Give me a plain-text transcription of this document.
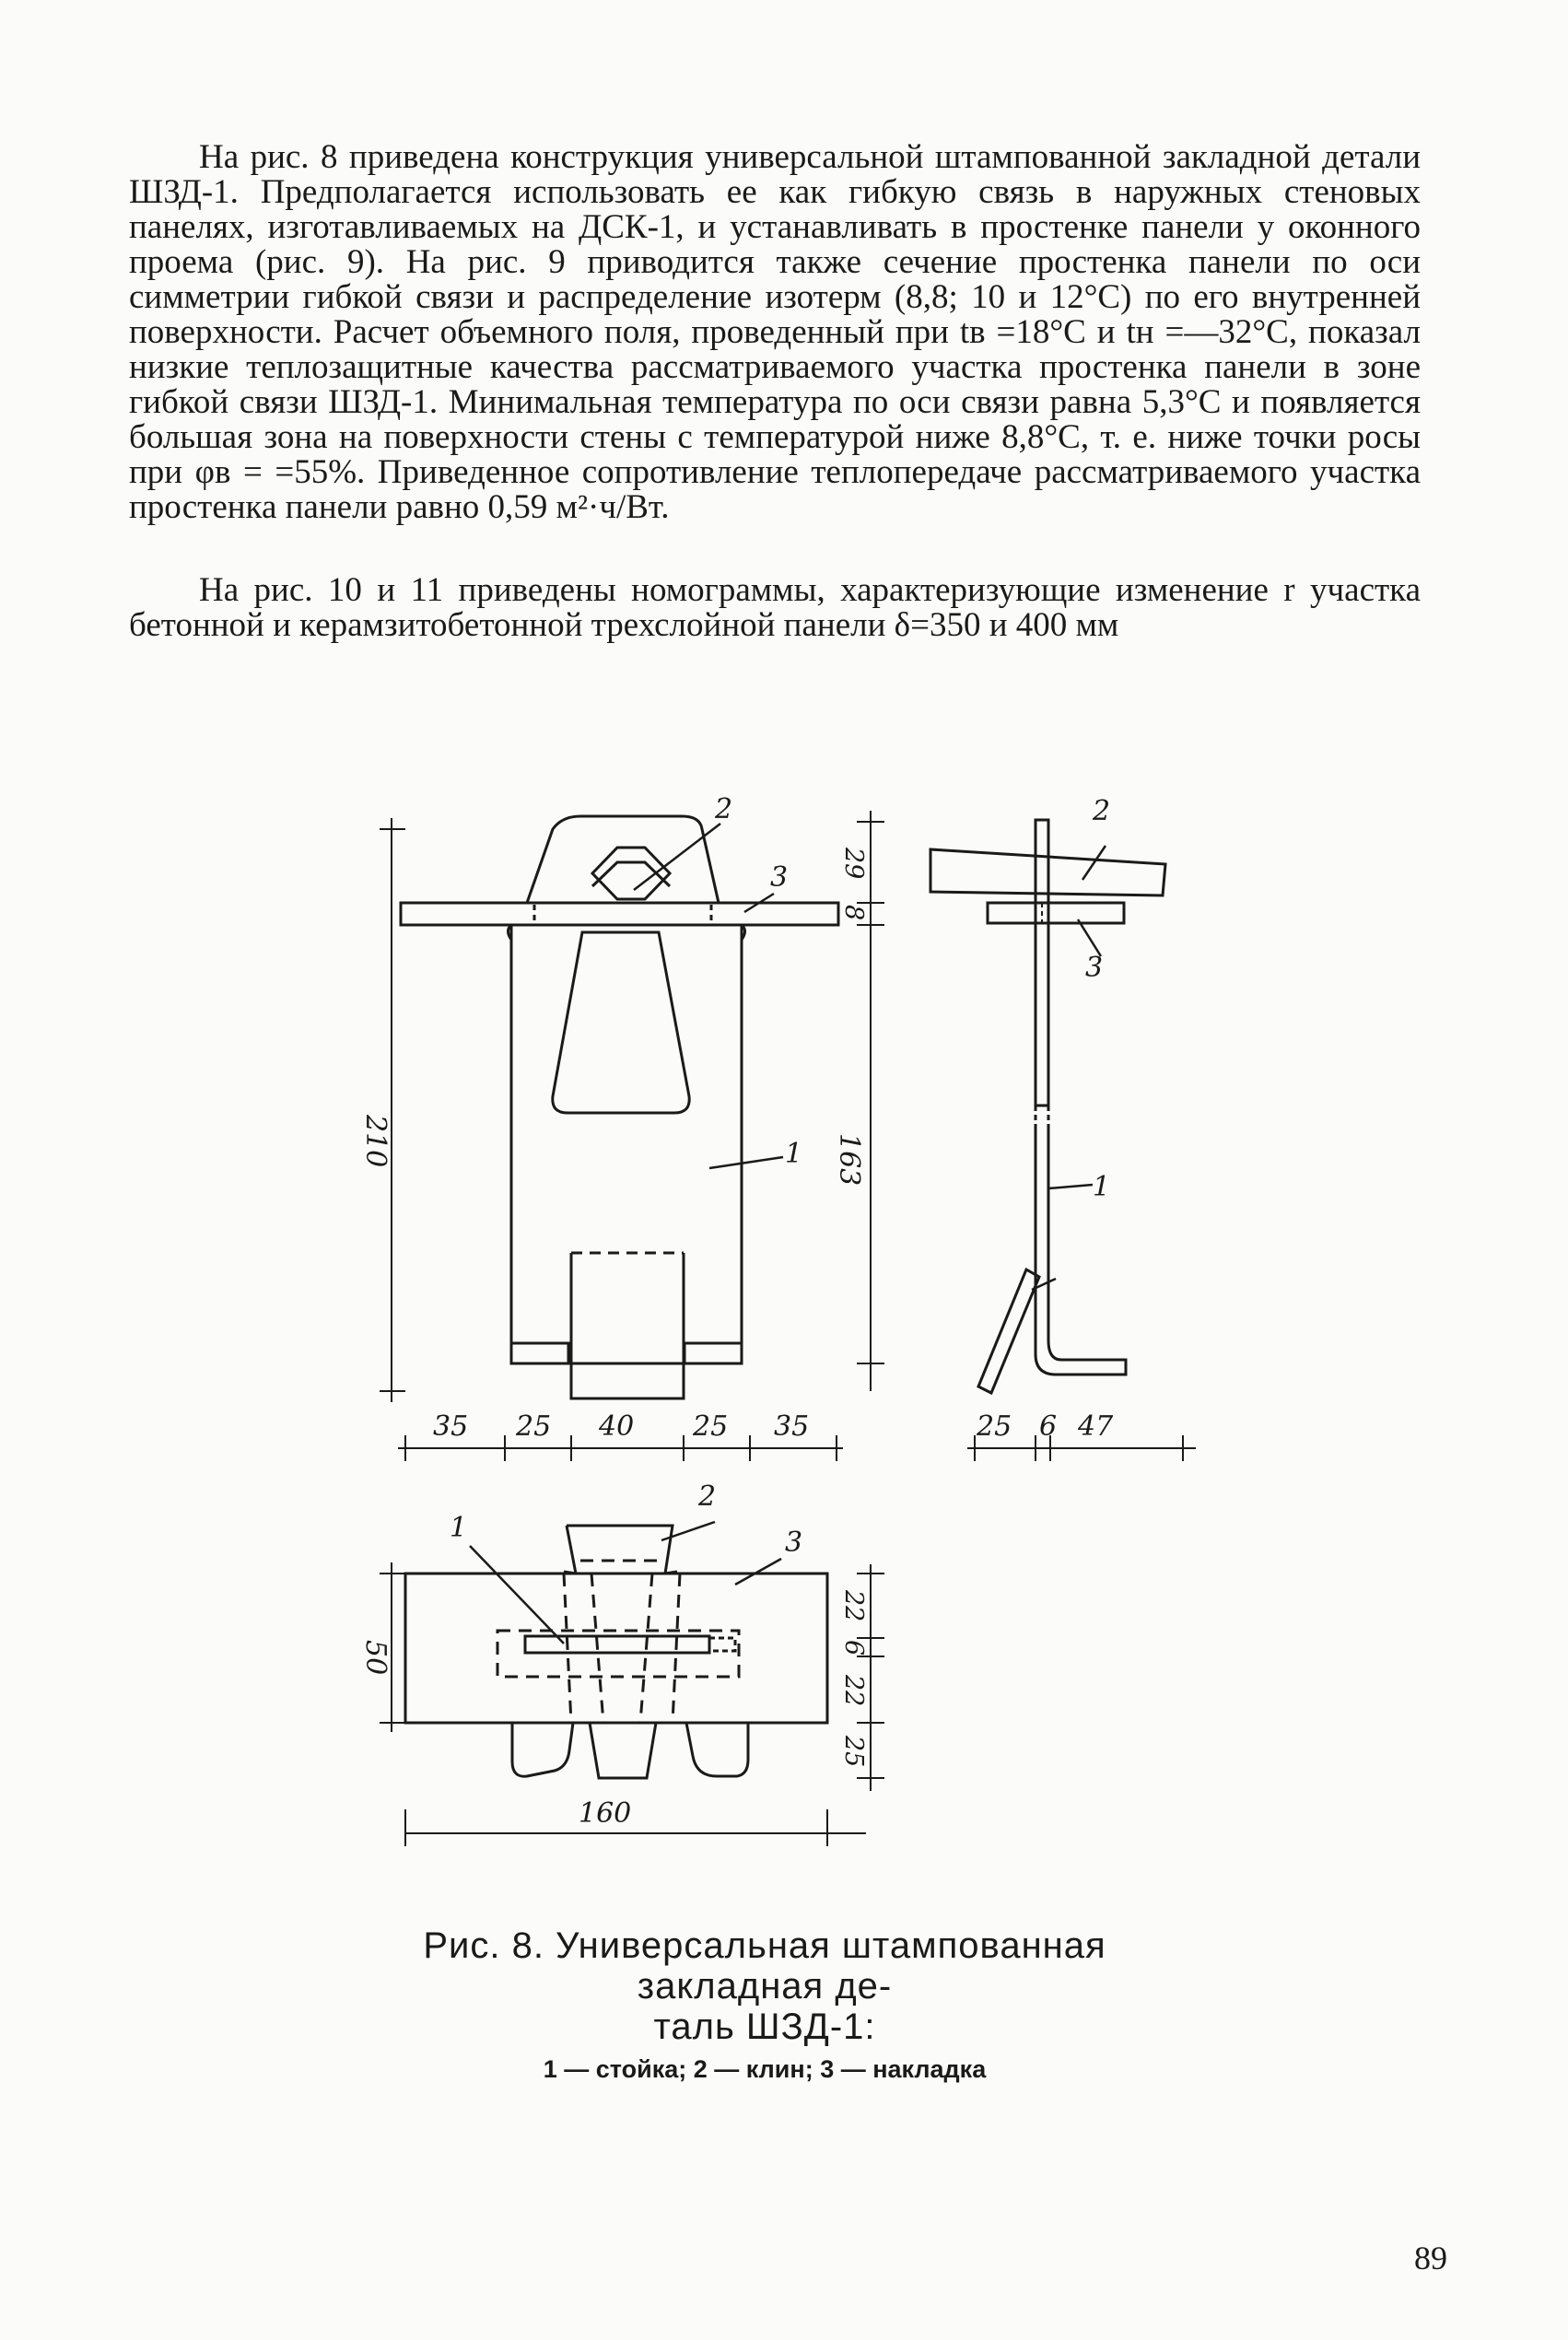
На рис. 8 приведена конструкция универсальной штампованной закладной детали ШЗД-1. Предполагается использовать ее как гибкую связь в наружных стеновых панелях, изготавливаемых на ДСК-1, и устанавливать в простенке панели у оконного проема (рис. 9). На рис. 9 приводится также сечение простенка панели по оси симметрии гибкой связи и распределение изотерм (8,8; 10 и 12°С) по его внутренней поверхности. Расчет объемного поля, проведенный при tв =18°С и tн =—32°С, показал низкие теплозащитные качества рассматриваемого участка простенка панели в зоне гибкой связи ШЗД-1. Минимальная температура по оси связи равна 5,3°С и появляется большая зона на поверхности стены с температурой ниже 8,8°С, т. е. ниже точки росы при φв = =55%. Приведенное сопротивление теплопередаче рассматриваемого участка простенка панели равно 0,59 м²·ч/Вт.

На рис. 10 и 11 приведены номограммы, характеризующие изменение r участка бетонной и керамзитобетонной трехслойной панели δ=350 и 400 мм

2
3
1
210
29
8
163
35 25 40 25 35
2
3
1
25 6 47
1
2
3
50
22
6
22
25
160
Рис. 8. Универсальная штампованная закладная де-
таль ШЗД-1:
1 — стойка; 2 — клин; 3 — накладка
89
